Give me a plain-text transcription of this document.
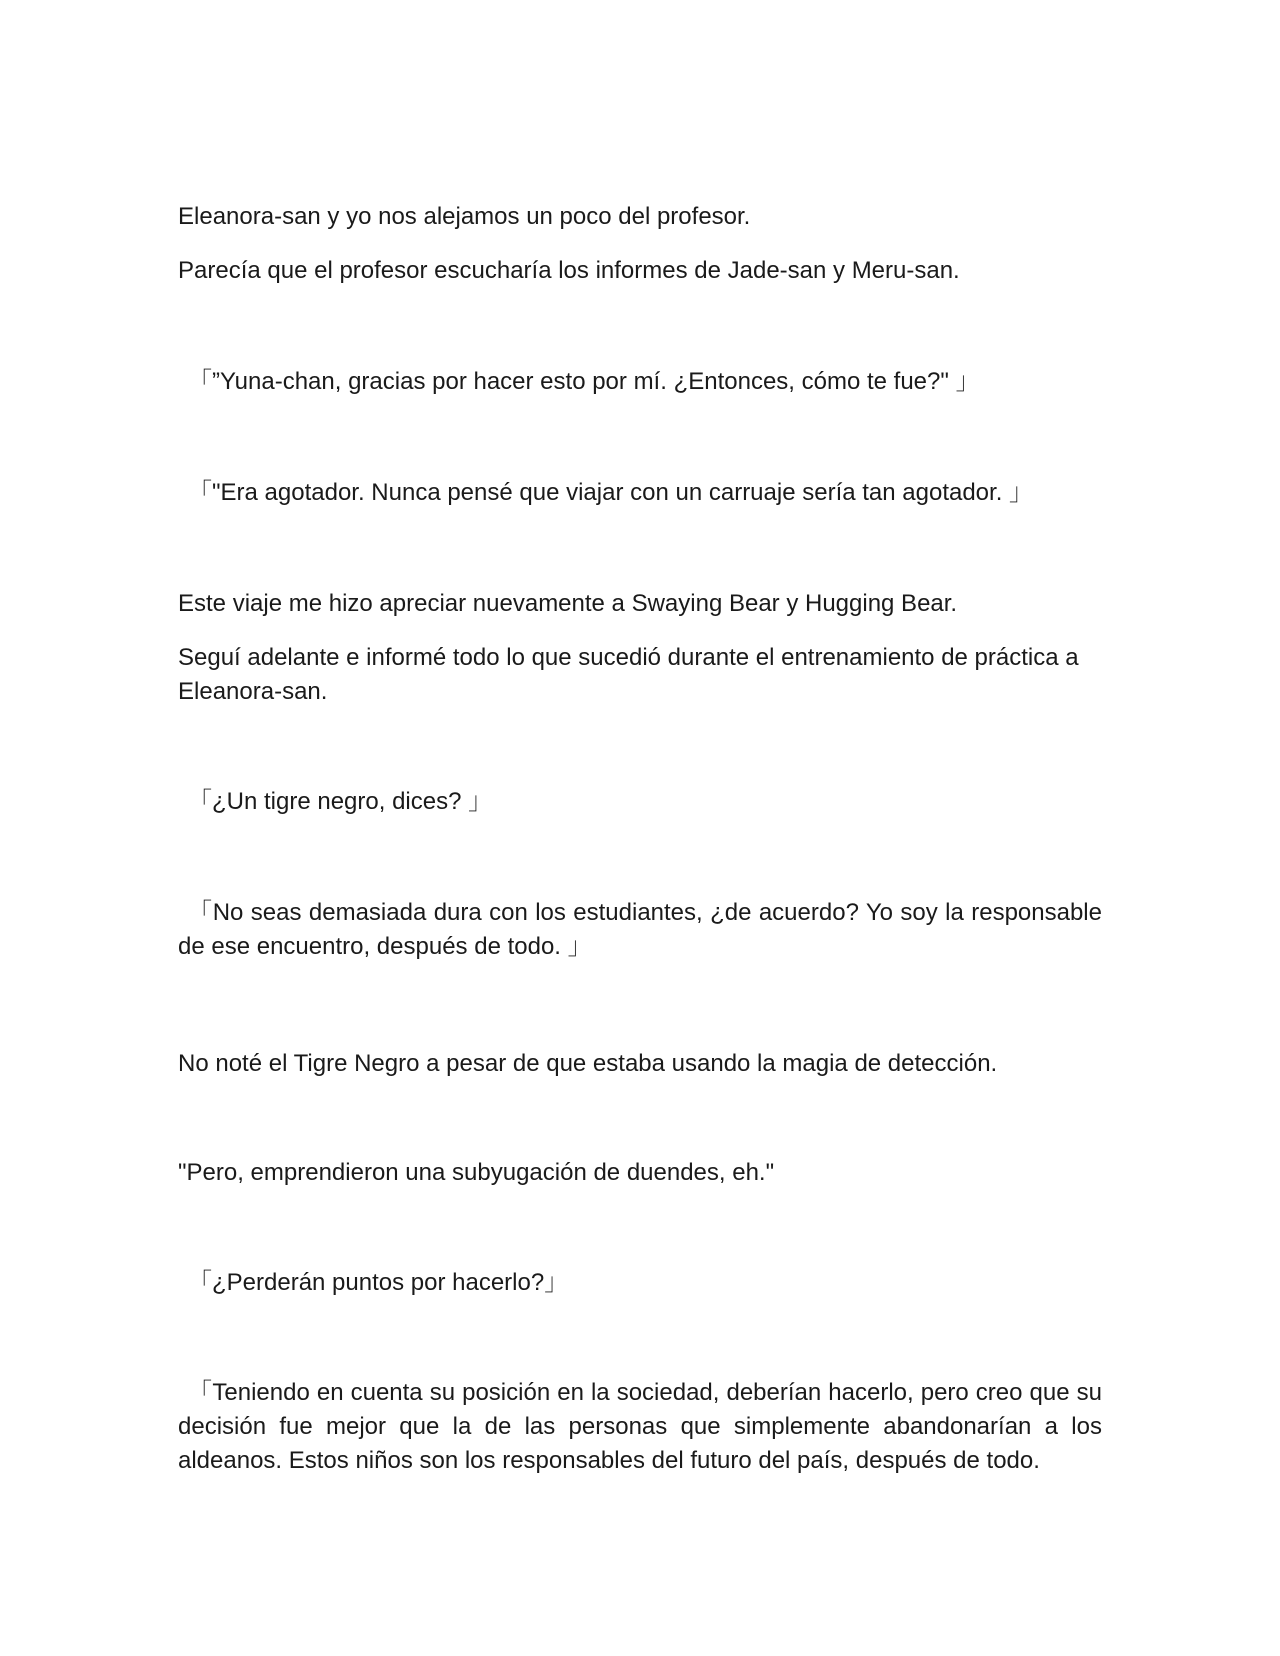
Eleanora-san y yo nos alejamos un poco del profesor.

Parecía que el profesor escucharía los informes de Jade-san y Meru-san.

「”Yuna-chan, gracias por hacer esto por mí. ¿Entonces, cómo te fue?" 」

「"Era agotador. Nunca pensé que viajar con un carruaje sería tan agotador. 」

Este viaje me hizo apreciar nuevamente a Swaying Bear y Hugging Bear.

Seguí adelante e informé todo lo que sucedió durante el entrenamiento de práctica a Eleanora-san.

「¿Un tigre negro, dices? 」

「No seas demasiada dura con los estudiantes, ¿de acuerdo? Yo soy la responsable de ese encuentro, después de todo. 」

No noté el Tigre Negro a pesar de que estaba usando la magia de detección.

"Pero, emprendieron una subyugación de duendes, eh."

「¿Perderán puntos por hacerlo?」

「Teniendo en cuenta su posición en la sociedad, deberían hacerlo, pero creo que su decisión fue mejor que la de las personas que simplemente abandonarían a los aldeanos. Estos niños son los responsables del futuro del país, después de todo.
